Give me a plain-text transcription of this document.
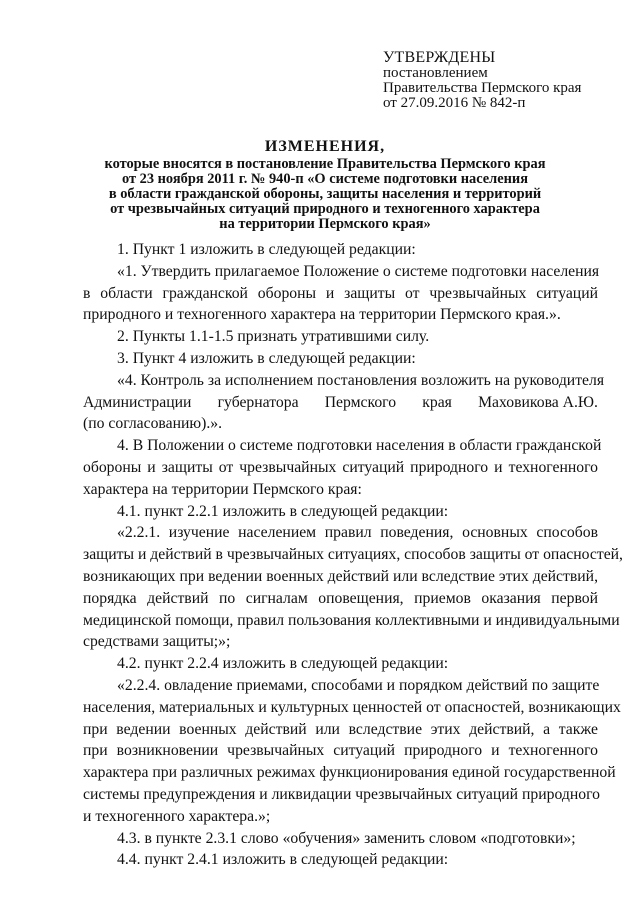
УТВЕРЖДЕНЫ
постановлением
Правительства Пермского края
от 27.09.2016 № 842-п
ИЗМЕНЕНИЯ,
которые вносятся в постановление Правительства Пермского края
от 23 ноября 2011 г. № 940-п «О системе подготовки населения
в области гражданской обороны, защиты населения и территорий
от чрезвычайных ситуаций природного и техногенного характера
на территории Пермского края»

1. Пункт 1 изложить в следующей редакции:

«1. Утвердить прилагаемое Положение о системе подготовки населения
в области гражданской обороны и защиты от чрезвычайных ситуаций
природного и техногенного характера на территории Пермского края.».

2. Пункты 1.1-1.5 признать утратившими силу.

3. Пункт 4 изложить в следующей редакции:

«4. Контроль за исполнением постановления возложить на руководителя
Администрации губернатора Пермского края Маховикова А.Ю.
(по согласованию).».
4. В Положении о системе подготовки населения в области гражданской
обороны и защиты от чрезвычайных ситуаций природного и техногенного
характера на территории Пермского края:

4.1. пункт 2.2.1 изложить в следующей редакции:

«2.2.1. изучение населением правил поведения, основных способов
защиты и действий в чрезвычайных ситуациях, способов защиты от опасностей,
возникающих при ведении военных действий или вследствие этих действий,
порядка действий по сигналам оповещения, приемов оказания первой
медицинской помощи, правил пользования коллективными и индивидуальными
средствами защиты;»;

4.2. пункт 2.2.4 изложить в следующей редакции:

«2.2.4. овладение приемами, способами и порядком действий по защите
населения, материальных и культурных ценностей от опасностей, возникающих
при ведении военных действий или вследствие этих действий, а также
при возникновении чрезвычайных ситуаций природного и техногенного
характера при различных режимах функционирования единой государственной
системы предупреждения и ликвидации чрезвычайных ситуаций природного
и техногенного характера.»;

4.3. в пункте 2.3.1 слово «обучения» заменить словом «подготовки»;

4.4. пункт 2.4.1 изложить в следующей редакции:
